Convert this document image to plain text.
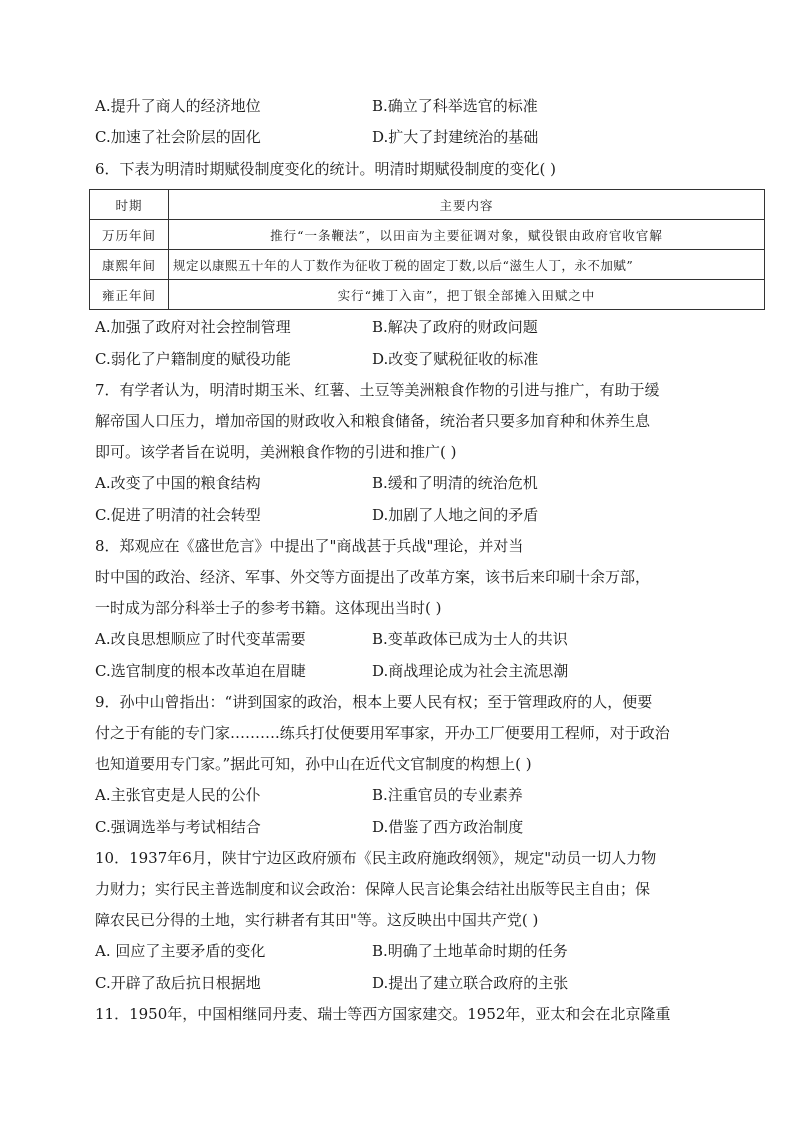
A.提升了商人的经济地位	B.确立了科举选官的标准
C.加速了社会阶层的固化	D.扩大了封建统治的基础
6．下表为明清时期赋役制度变化的统计。明清时期赋役制度的变化( )
时期	主要内容
万历年间	推行“一条鞭法”，以田亩为主要征调对象，赋役银由政府官收官解
康熙年间	规定以康熙五十年的人丁数作为征收丁税的固定丁数,以后“滋生人丁，永不加赋”
雍正年间	实行“摊丁入亩”，把丁银全部摊入田赋之中
A.加强了政府对社会控制管理	B.解决了政府的财政问题
C.弱化了户籍制度的赋役功能	D.改变了赋税征收的标准
7．有学者认为，明清时期玉米、红薯、土豆等美洲粮食作物的引进与推广，有助于缓
解帝国人口压力，增加帝国的财政收入和粮食储备，统治者只要多加育种和休养生息
即可。该学者旨在说明，美洲粮食作物的引进和推广( )
A.改变了中国的粮食结构	B.缓和了明清的统治危机
C.促进了明清的社会转型	D.加剧了人地之间的矛盾
8．郑观应在《盛世危言》中提出了"商战甚于兵战"理论，并对当
时中国的政治、经济、军事、外交等方面提出了改革方案，该书后来印刷十余万部，
一时成为部分科举士子的参考书籍。这体现出当时( )
A.改良思想顺应了时代变革需要	B.变革政体已成为士人的共识
C.选官制度的根本改革迫在眉睫	D.商战理论成为社会主流思潮
9．孙中山曾指出：“讲到国家的政治，根本上要人民有权；至于管理政府的人，便要
付之于有能的专门家……….练兵打仗便要用军事家，开办工厂便要用工程师，对于政治
也知道要用专门家。”据此可知，孙中山在近代文官制度的构想上( )
A.主张官吏是人民的公仆	B.注重官员的专业素养
C.强调选举与考试相结合	D.借鉴了西方政治制度
10．1937年6月，陕甘宁边区政府颁布《民主政府施政纲领》，规定"动员一切人力物
力财力；实行民主普选制度和议会政治：保障人民言论集会结社出版等民主自由；保
障农民已分得的土地，实行耕者有其田"等。这反映出中国共产党( )
A. 回应了主要矛盾的变化	B.明确了土地革命时期的任务
C.开辟了敌后抗日根据地	D.提出了建立联合政府的主张
11．1950年，中国相继同丹麦、瑞士等西方国家建交。1952年，亚太和会在北京隆重
